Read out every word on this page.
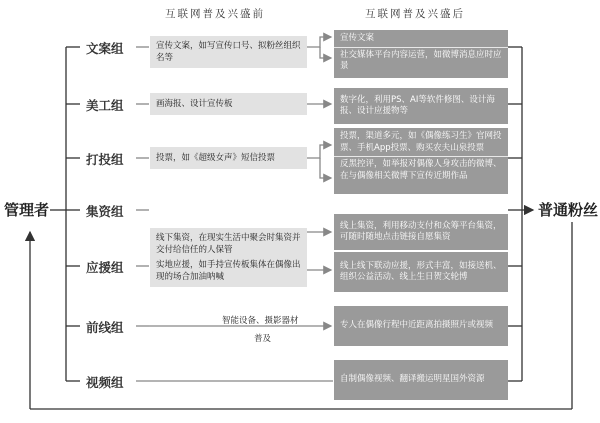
互联网普及兴盛前	互联网普及兴盛后
管理者	普通粉丝
文案组
美工组
打投组
集资组
应援组
前线组
视频组
宣传文案，如写宣传口号、拟粉丝组织名等
画海报、设计宣传板
投票，如《超级女声》短信投票
线下集资，在现实生活中聚会时集资并交付给信任的人保管
实地应援，如手持宣传板集体在偶像出现的场合加油呐喊
智能设备、摄影器材
普及
宣传文案
社交媒体平台内容运营，如微博消息应时应景
数字化，利用PS、AI等软件修图、设计海报、设计应援物等
投票，渠道多元，如《偶像练习生》官网投票、手机App投票、购买农夫山泉投票
反黑控评，如举报对偶像人身攻击的微博、在与偶像相关微博下宣传近期作品
线上集资，利用移动支付和众筹平台集资，可随时随地点击链接自愿集资
线上线下联动应援，形式丰富，如接送机、组织公益活动、线上生日贺文轮博
专人在偶像行程中近距离拍摄照片或视频
自制偶像视频、翻译搬运明星国外资源
